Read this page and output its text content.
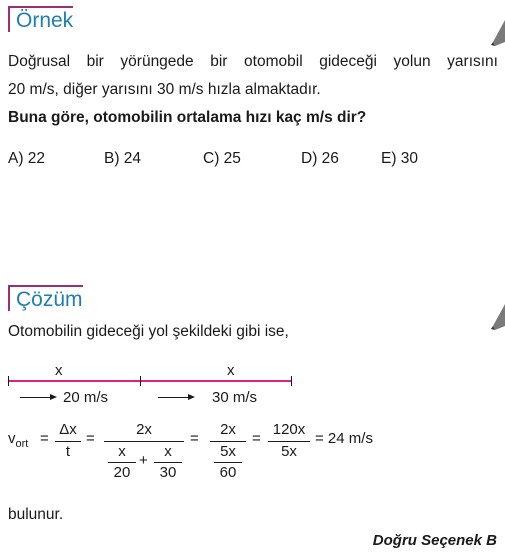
Örnek
Doğrusal bir yörüngede bir otomobil gideceği yolun yarısını
20 m/s, diğer yarısını 30 m/s hızla almaktadır.
Buna göre, otomobilin ortalama hızı kaç m/s dir?
A) 22	B) 24	C) 25	D) 26	E) 30
Çözüm
Otomobilin gideceği yol şekildeki gibi ise,
x	x
20 m/s	30 m/s
$v_{ort}$ =
Δx
t
=
2x
x
20
+
x
30
=
2x
5x
60
=
120x
5x
= 24 m/s
bulunur.
Doğru Seçenek B
